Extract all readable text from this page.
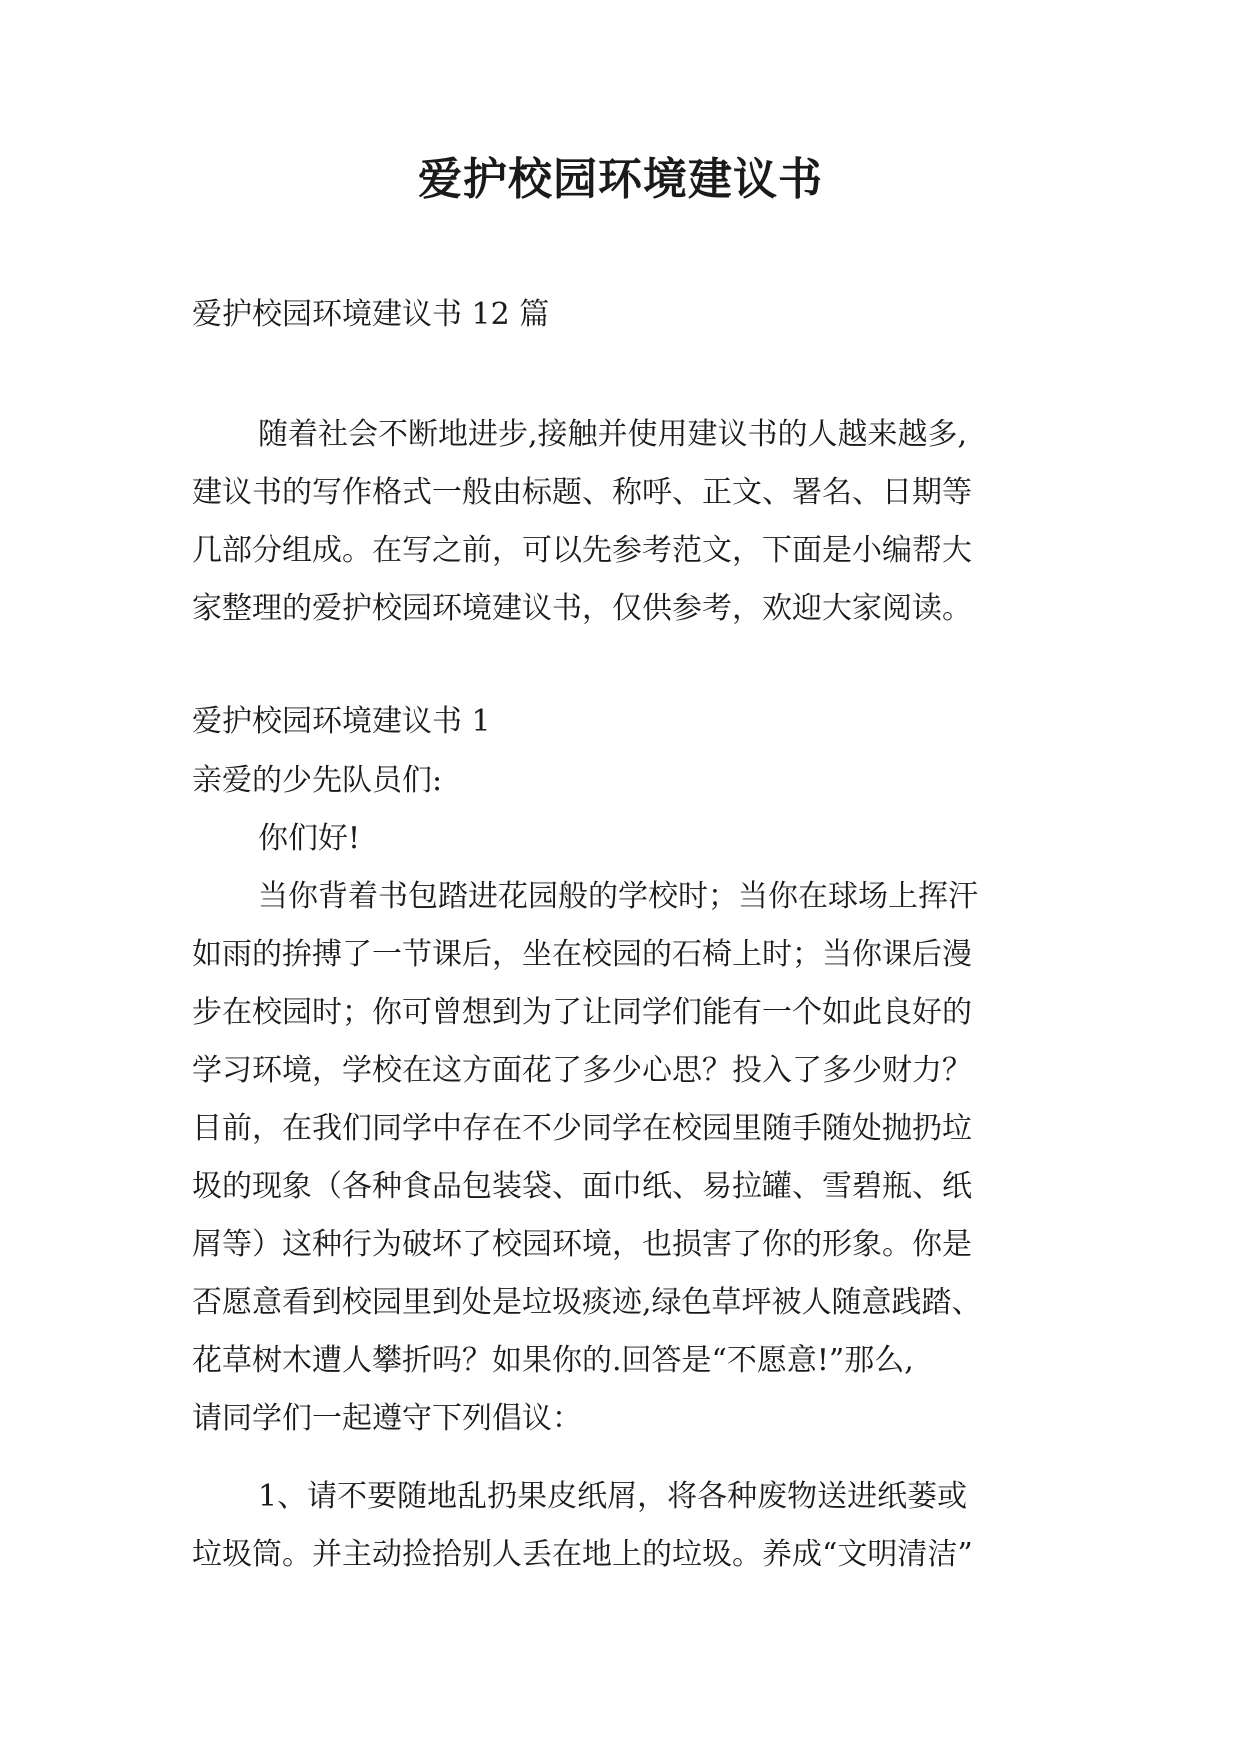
爱护校园环境建议书

爱护校园环境建议书 12 篇

随着社会不断地进步,接触并使用建议书的人越来越多,
建议书的写作格式一般由标题、称呼、正文、署名、日期等
几部分组成。在写之前，可以先参考范文，下面是小编帮大
家整理的爱护校园环境建议书，仅供参考，欢迎大家阅读。

爱护校园环境建议书 1

亲爱的少先队员们:

你们好!

当你背着书包踏进花园般的学校时；当你在球场上挥汗
如雨的拚搏了一节课后，坐在校园的石椅上时；当你课后漫
步在校园时；你可曾想到为了让同学们能有一个如此良好的
学习环境，学校在这方面花了多少心思？投入了多少财力？
目前，在我们同学中存在不少同学在校园里随手随处抛扔垃
圾的现象（各种食品包装袋、面巾纸、易拉罐、雪碧瓶、纸
屑等）这种行为破坏了校园环境，也损害了你的形象。你是
否愿意看到校园里到处是垃圾痰迹,绿色草坪被人随意践踏、
花草树木遭人攀折吗？如果你的.回答是“不愿意!”那么,
请同学们一起遵守下列倡议：
1、请不要随地乱扔果皮纸屑，将各种废物送进纸蒌或
垃圾筒。并主动捡拾别人丢在地上的垃圾。养成“文明清洁”
